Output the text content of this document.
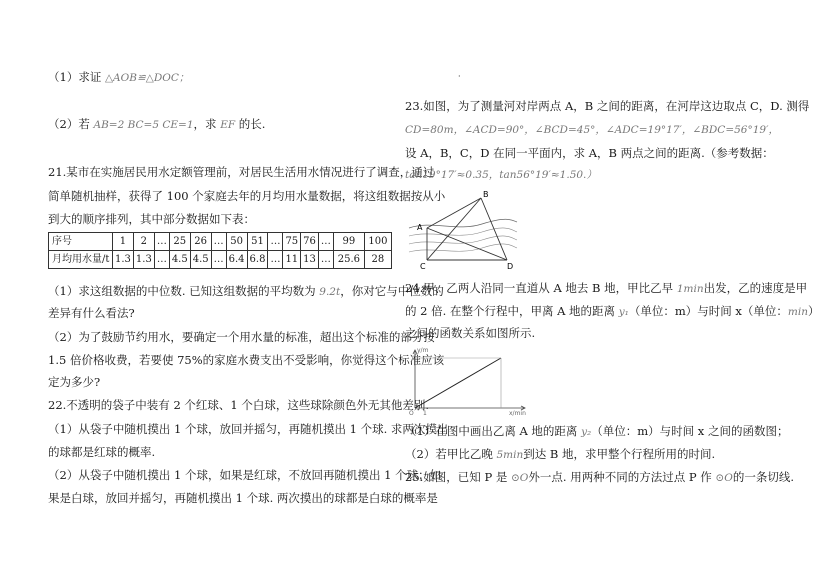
（1）求证 △AOB≌△DOC；
（2）若 AB=2 BC=5 CE=1，求 EF 的长.
21.某市在实施居民用水定额管理前，对居民生活用水情况进行了调查，通过
简单随机抽样，获得了 100 个家庭去年的月均用水量数据，将这组数据按从小
到大的顺序排列，其中部分数据如下表：
序号	1	2	…	25	26	…	50	51	…	75	76	…	99	100
月均用水量/t	1.3	1.3	…	4.5	4.5	…	6.4	6.8	…	11	13	…	25.6	28
（1）求这组数据的中位数. 已知这组数据的平均数为 9.2t，你对它与中位数的
差异有什么看法?
（2）为了鼓励节约用水，要确定一个用水量的标准，超出这个标准的部分按
1.5 倍价格收费，若要使 75%的家庭水费支出不受影响，你觉得这个标准应该
定为多少?
22.不透明的袋子中装有 2 个红球、1 个白球，这些球除颜色外无其他差别.
（1）从袋子中随机摸出 1 个球，放回并摇匀，再随机摸出 1 个球. 求两次摸出
的球都是红球的概率.
（2）从袋子中随机摸出 1 个球，如果是红球，不放回再随机摸出 1 个球；如
果是白球，放回并摇匀，再随机摸出 1 个球. 两次摸出的球都是白球的概率是
·
23.如图，为了测量河对岸两点 A，B 之间的距离，在河岸这边取点 C，D. 测得
CD=80m，∠ACD=90°，∠BCD=45°，∠ADC=19°17′，∠BDC=56°19′，
设 A，B，C，D 在同一平面内，求 A，B 两点之间的距离.（参考数据：
tan19°17′≈0.35，tan56°19′≈1.50.）
A
B
C	D
24.甲、乙两人沿同一直道从 A 地去 B 地，甲比乙早 1min出发，乙的速度是甲
的 2 倍. 在整个行程中，甲离 A 地的距离 y₁（单位：m）与时间 x（单位：min）
之间的函数关系如图所示.
y/m
x/min
O 1
（1）在图中画出乙离 A 地的距离 y₂（单位：m）与时间 x 之间的函数图；
（2）若甲比乙晚 5min到达 B 地，求甲整个行程所用的时间.
25.如图，已知 P 是 ⊙O外一点. 用两种不同的方法过点 P 作 ⊙O的一条切线.
